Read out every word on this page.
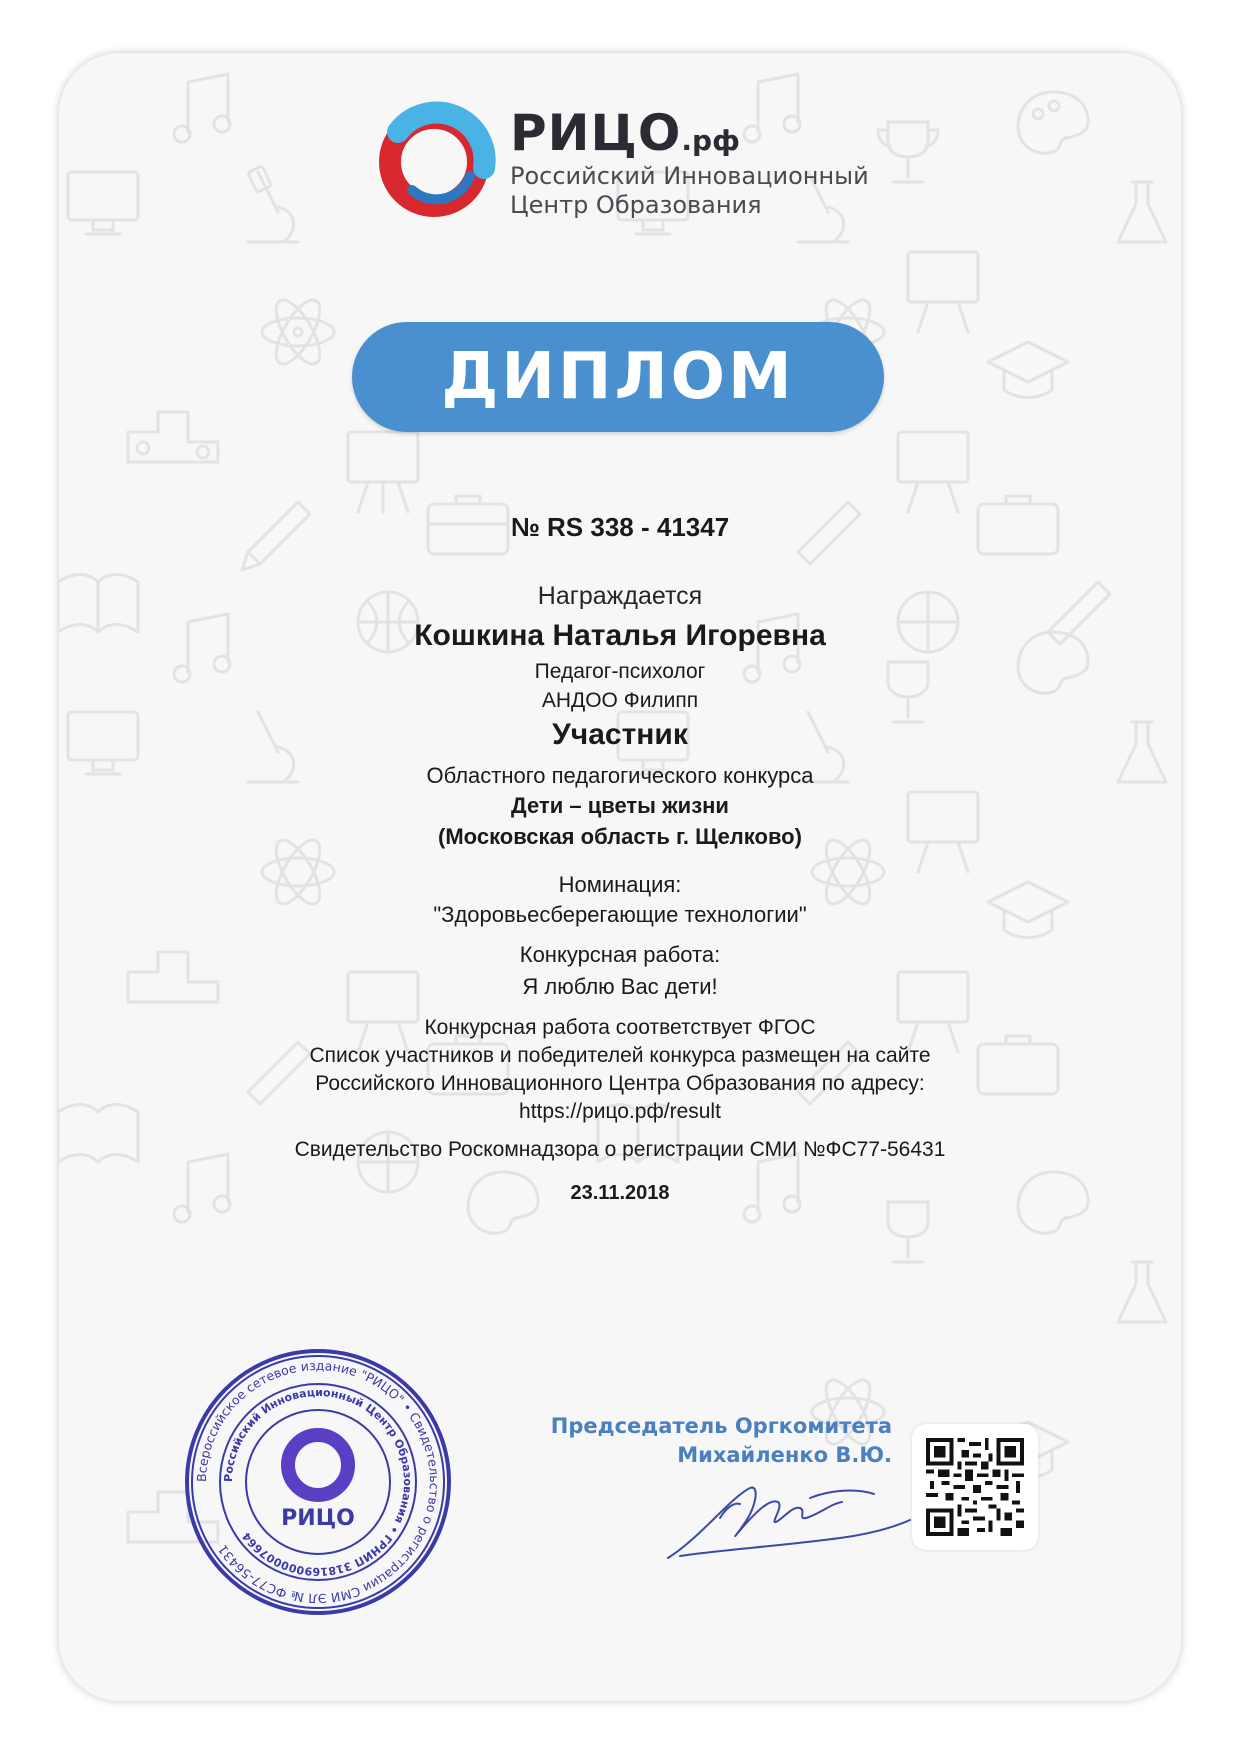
РИЦО.рф
Российский Инновационный
Центр Образования
ДИПЛОМ
№ RS 338 - 41347
Награждается
Кошкина Наталья Игоревна
Педагог-психолог
АНДОО Филипп
Участник
Областного педагогического конкурса
Дети – цветы жизни
(Московская область г. Щелково)
Номинация:
"Здоровьесберегающие технологии"
Конкурсная работа:
Я люблю Вас дети!
Конкурсная работа соответствует ФГОС
Список участников и победителей конкурса размещен на сайте
Российского Инновационного Центра Образования по адресу:
https://рицо.рф/result
Свидетельство Роскомнадзора о регистрации СМИ №ФС77-56431
23.11.2018
Всероссийское сетевое издание "РИЦО" • Свидетельство о регистрации СМИ ЭЛ № ФС77-56431
Российский Инновационный Центр Образования • ГРНИП 318169000007664
РИЦО
Председатель Оргкомитета
Михайленко В.Ю.
